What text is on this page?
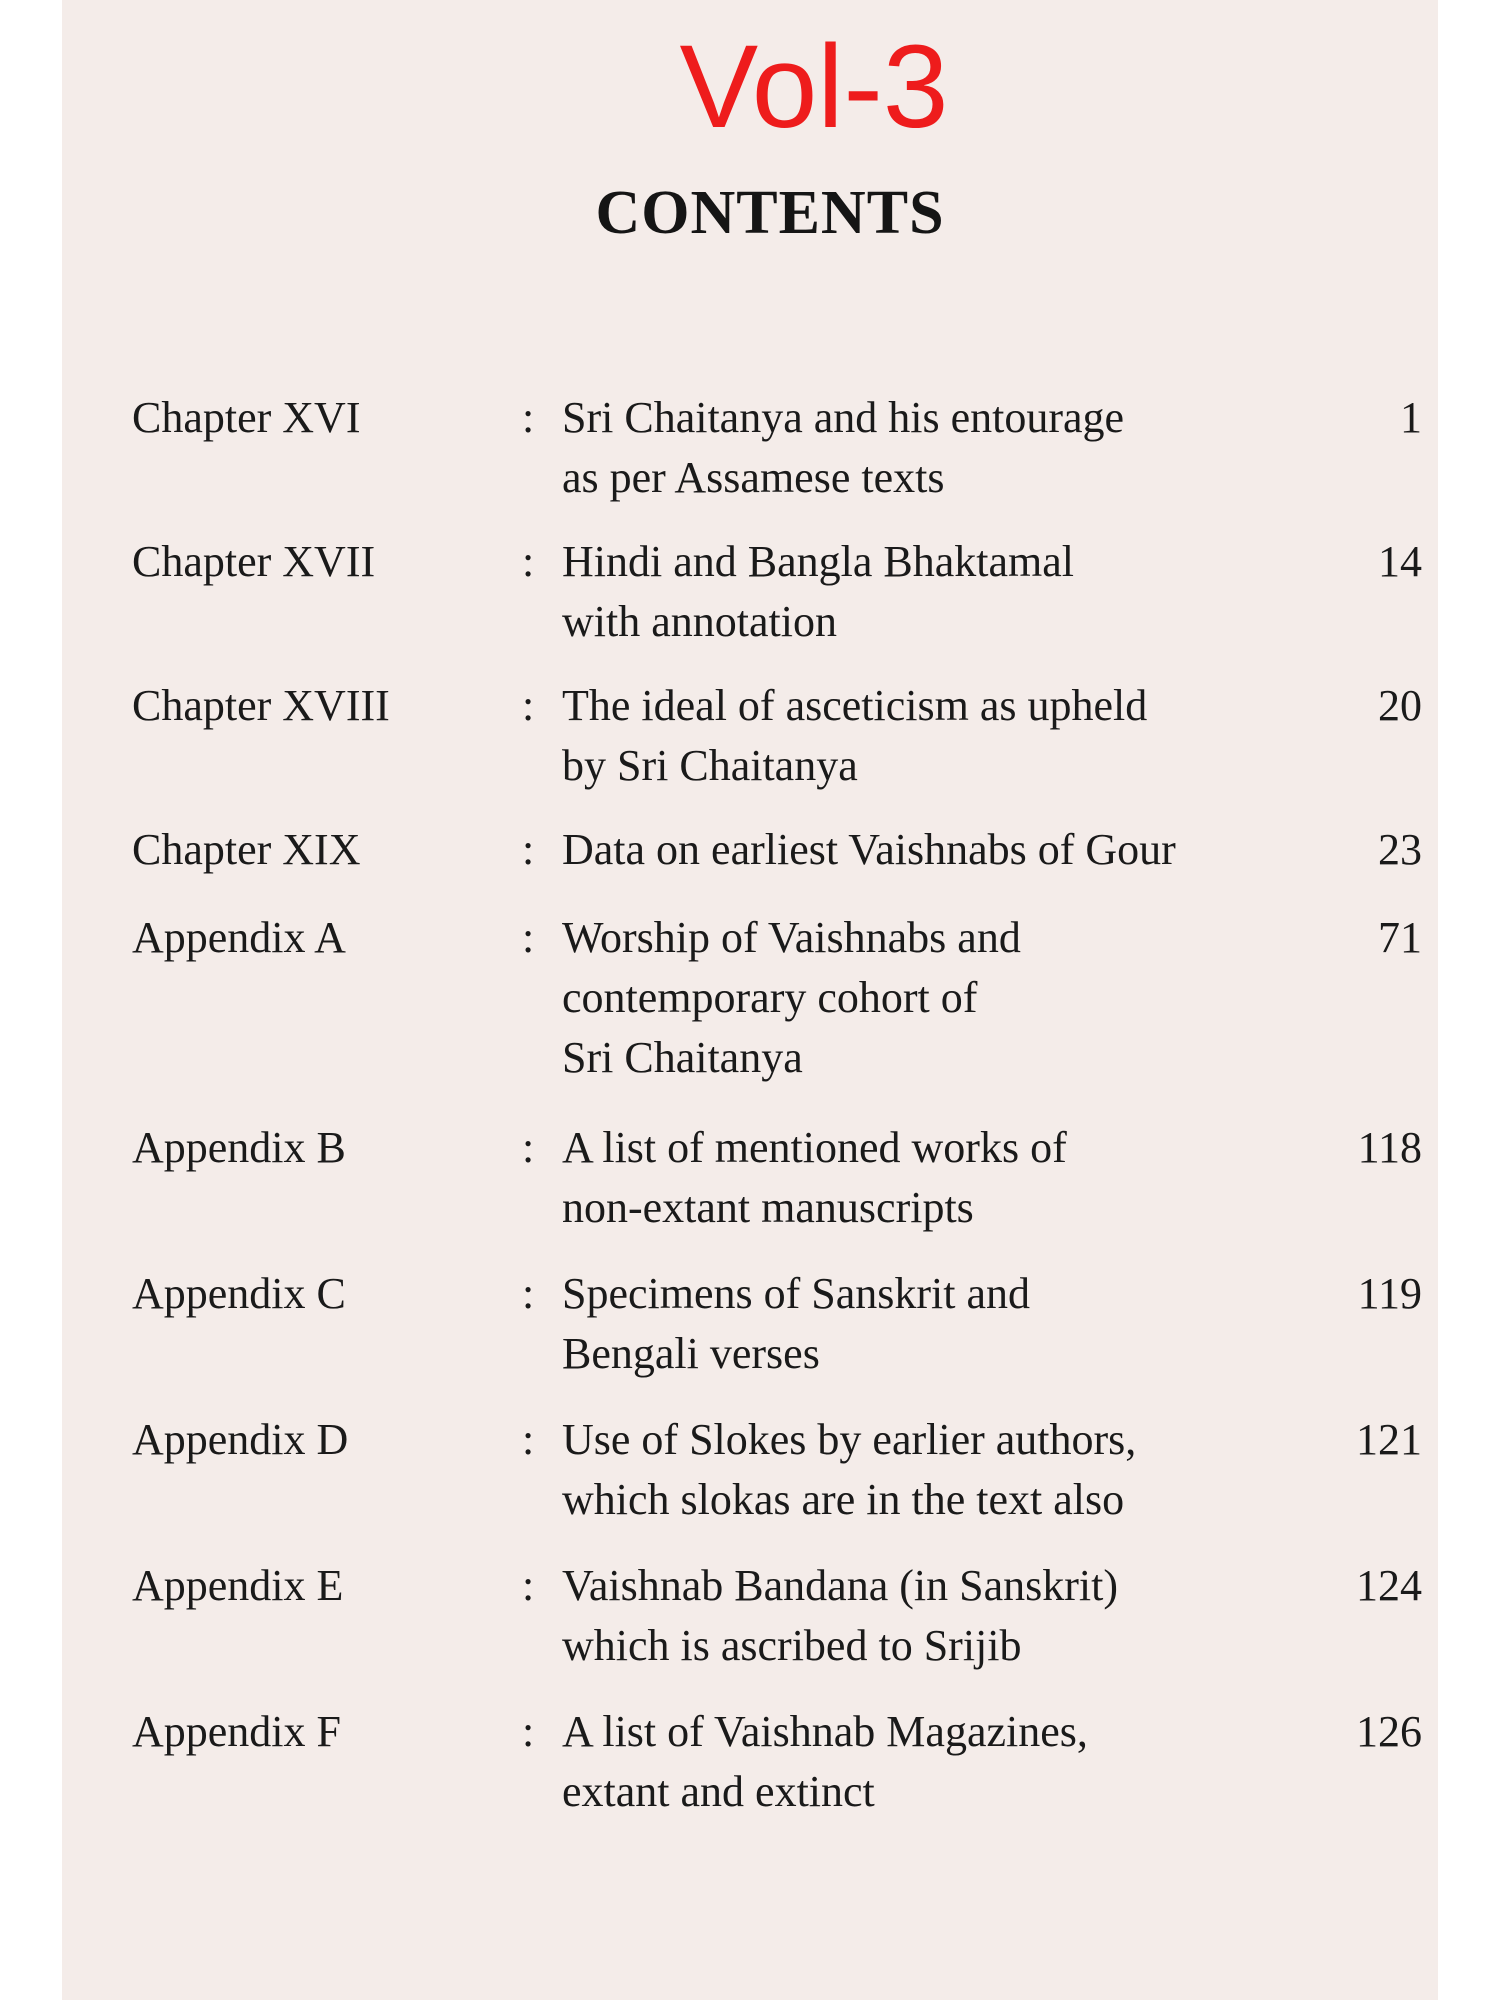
Vol-3
CONTENTS
Chapter XVI	: Sri Chaitanya and his entourage
as per Assamese texts
1
Chapter XVII	: Hindi and Bangla Bhaktamal
with annotation
14
Chapter XVIII	: The ideal of asceticism as upheld
by Sri Chaitanya
20
Chapter XIX	: Data on earliest Vaishnabs of Gour	23
Appendix A	: Worship of Vaishnabs and
contemporary cohort of
Sri Chaitanya
71
Appendix B	: A list of mentioned works of
non-extant manuscripts
118
Appendix C	: Specimens of Sanskrit and
Bengali verses
119
Appendix D	: Use of Slokes by earlier authors,
which slokas are in the text also
121
Appendix E	: Vaishnab Bandana (in Sanskrit)
which is ascribed to Srijib
124
Appendix F	: A list of Vaishnab Magazines,
extant and extinct
126
